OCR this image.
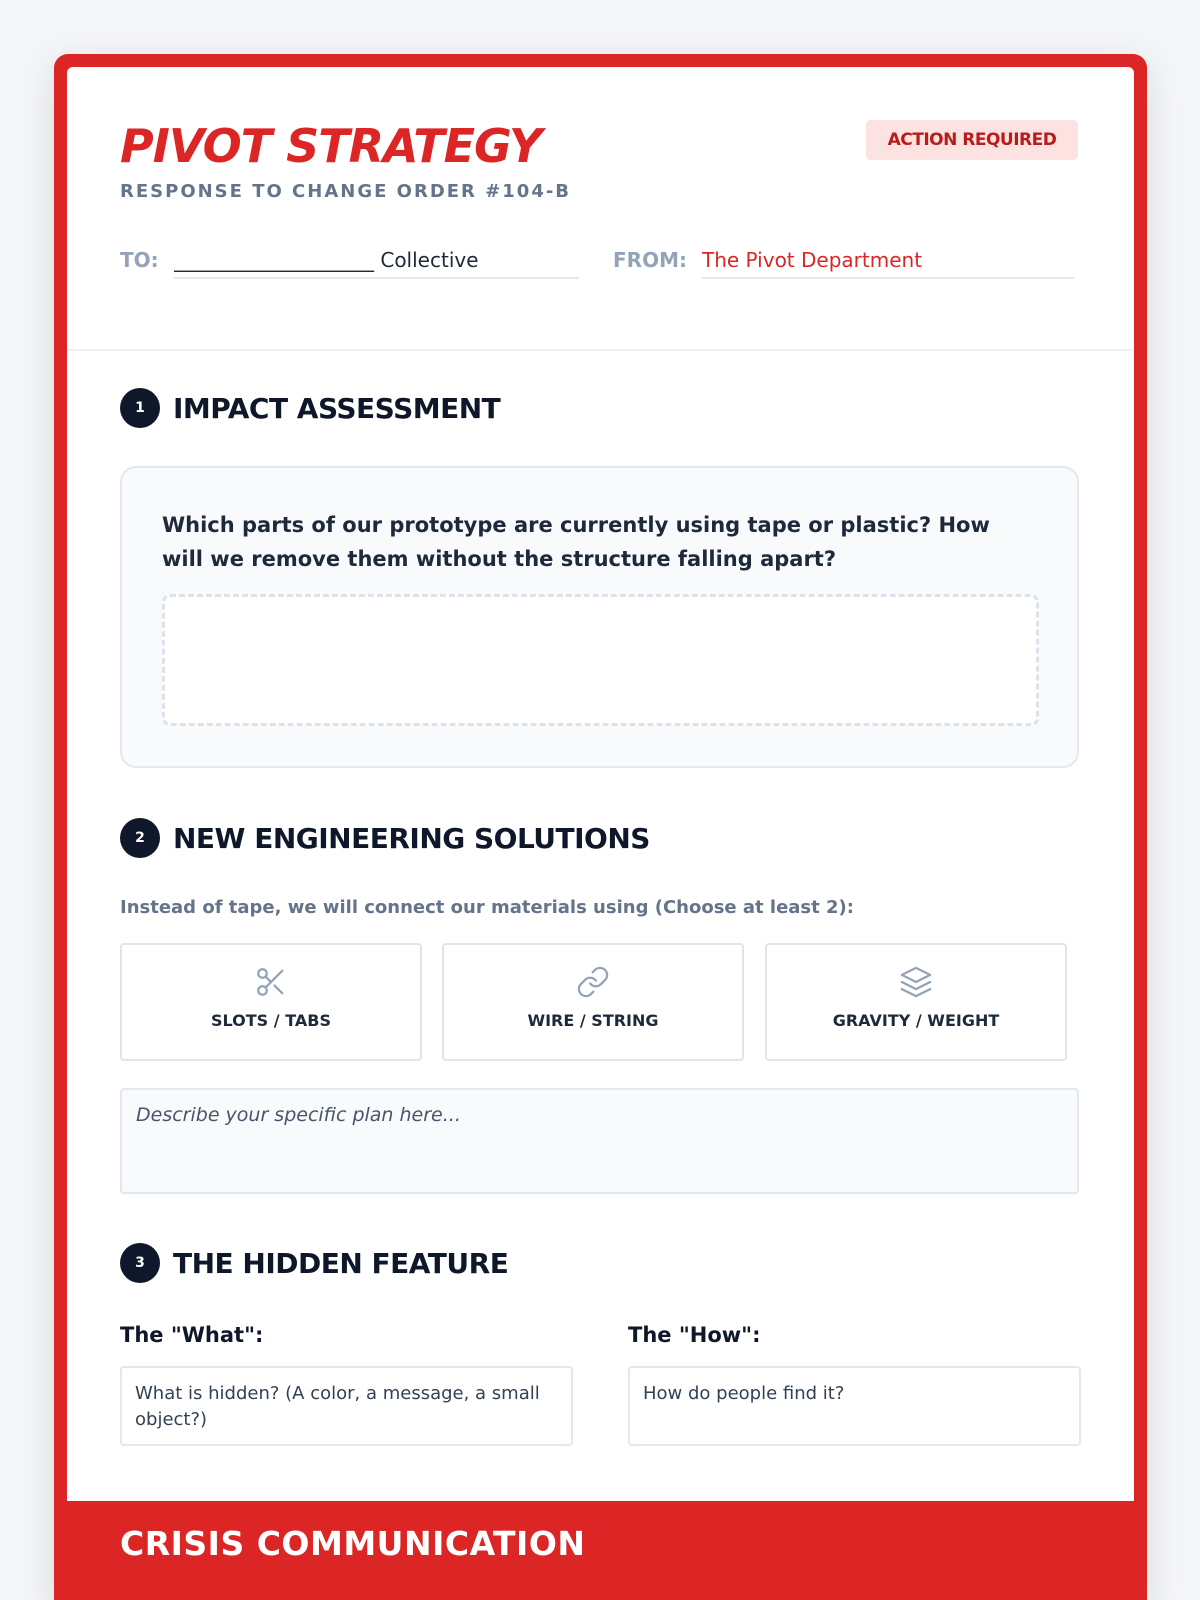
PIVOT STRATEGY
RESPONSE TO CHANGE ORDER #104-B
ACTION REQUIRED
TO: ____________________ Collective	FROM: The Pivot Department
1	IMPACT ASSESSMENT
Which parts of our prototype are currently using tape or plastic? How will we remove them without the structure falling apart?
2	NEW ENGINEERING SOLUTIONS
Instead of tape, we will connect our materials using (Choose at least 2):
SLOTS / TABS	WIRE / STRING	GRAVITY / WEIGHT
Describe your specific plan here...
3	THE HIDDEN FEATURE
The "What":	The "How":
What is hidden? (A color, a message, a small object?)
How do people find it?
CRISIS COMMUNICATION
